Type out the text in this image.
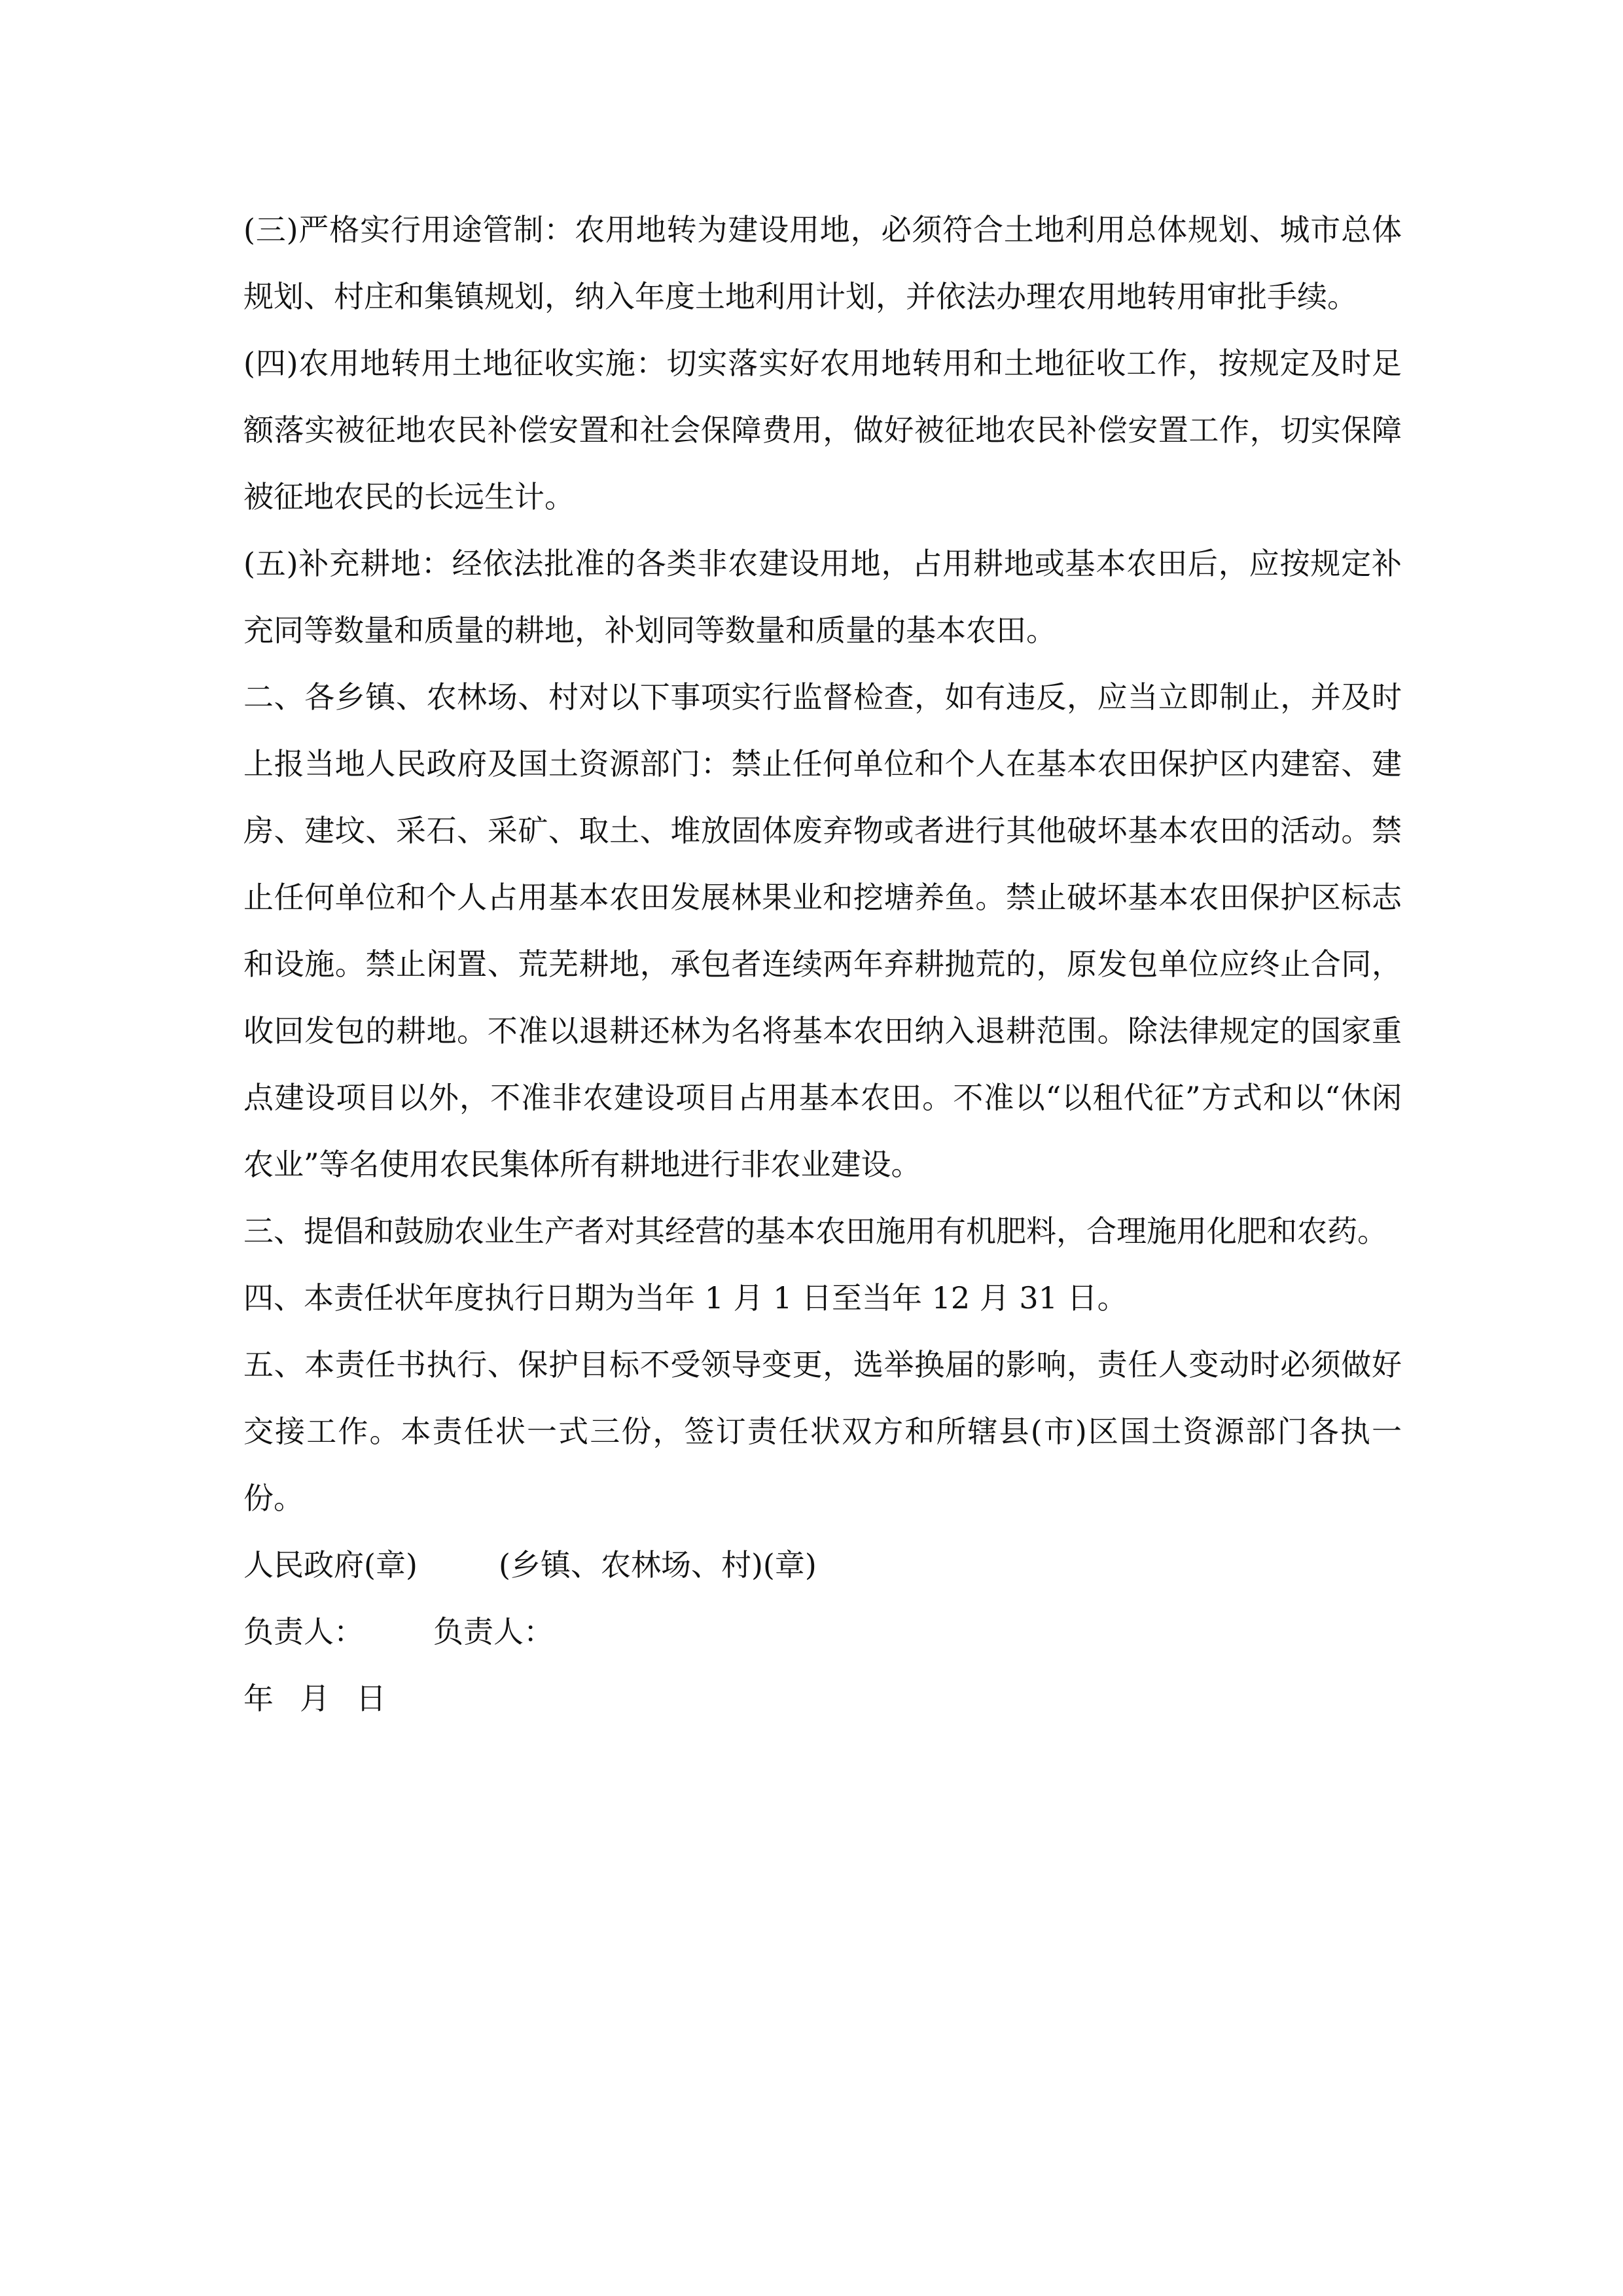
(三)严格实行用途管制：农用地转为建设用地，必须符合土地利用总体规划、城市总体规划、村庄和集镇规划，纳入年度土地利用计划，并依法办理农用地转用审批手续。

(四)农用地转用土地征收实施：切实落实好农用地转用和土地征收工作，按规定及时足额落实被征地农民补偿安置和社会保障费用，做好被征地农民补偿安置工作，切实保障被征地农民的长远生计。

(五)补充耕地：经依法批准的各类非农建设用地，占用耕地或基本农田后，应按规定补充同等数量和质量的耕地，补划同等数量和质量的基本农田。

二、各乡镇、农林场、村对以下事项实行监督检查，如有违反，应当立即制止，并及时上报当地人民政府及国土资源部门：禁止任何单位和个人在基本农田保护区内建窑、建房、建坟、采石、采矿、取土、堆放固体废弃物或者进行其他破坏基本农田的活动。禁止任何单位和个人占用基本农田发展林果业和挖塘养鱼。禁止破坏基本农田保护区标志和设施。禁止闲置、荒芜耕地，承包者连续两年弃耕抛荒的，原发包单位应终止合同，收回发包的耕地。不准以退耕还林为名将基本农田纳入退耕范围。除法律规定的国家重点建设项目以外，不准非农建设项目占用基本农田。不准以“以租代征”方式和以“休闲农业”等名使用农民集体所有耕地进行非农业建设。

三、提倡和鼓励农业生产者对其经营的基本农田施用有机肥料，合理施用化肥和农药。

四、本责任状年度执行日期为当年 1 月 1 日至当年 12 月 31 日。

五、本责任书执行、保护目标不受领导变更，选举换届的影响，责任人变动时必须做好交接工作。本责任状一式三份，签订责任状双方和所辖县(市)区国土资源部门各执一份。

人民政府(章)	(乡镇、农林场、村)(章)
负责人：	负责人：
年 月 日
